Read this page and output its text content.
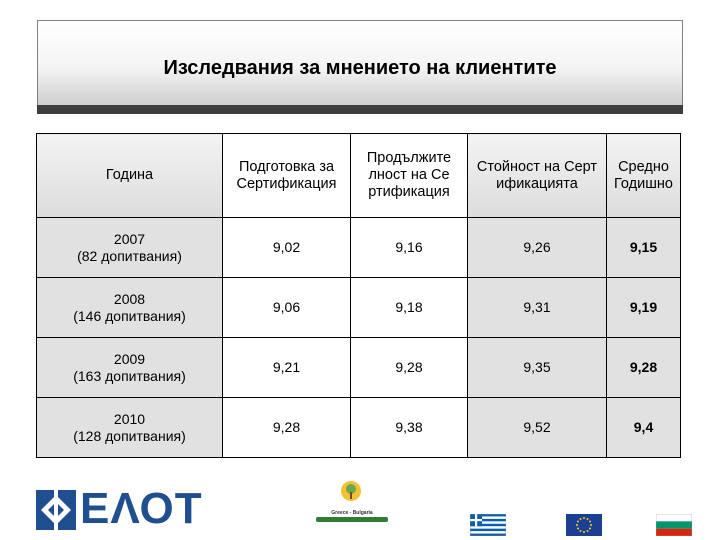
Изследвания за мнението на клиентите
Година	Подготовка за Сертификация	Продължителност на Сертификация	Стойност на Сертификацията	Средно Годишно

2007
(82 допитвания)	9,02	9,16	9,26	9,15

2008
(146 допитвания)	9,06	9,18	9,31	9,19

2009
(163 допитвания)	9,21	9,28	9,35	9,28

2010
(128 допитвания)	9,28	9,38	9,52	9,4
ΕΛΟΤ	Greece - Bulgaria
